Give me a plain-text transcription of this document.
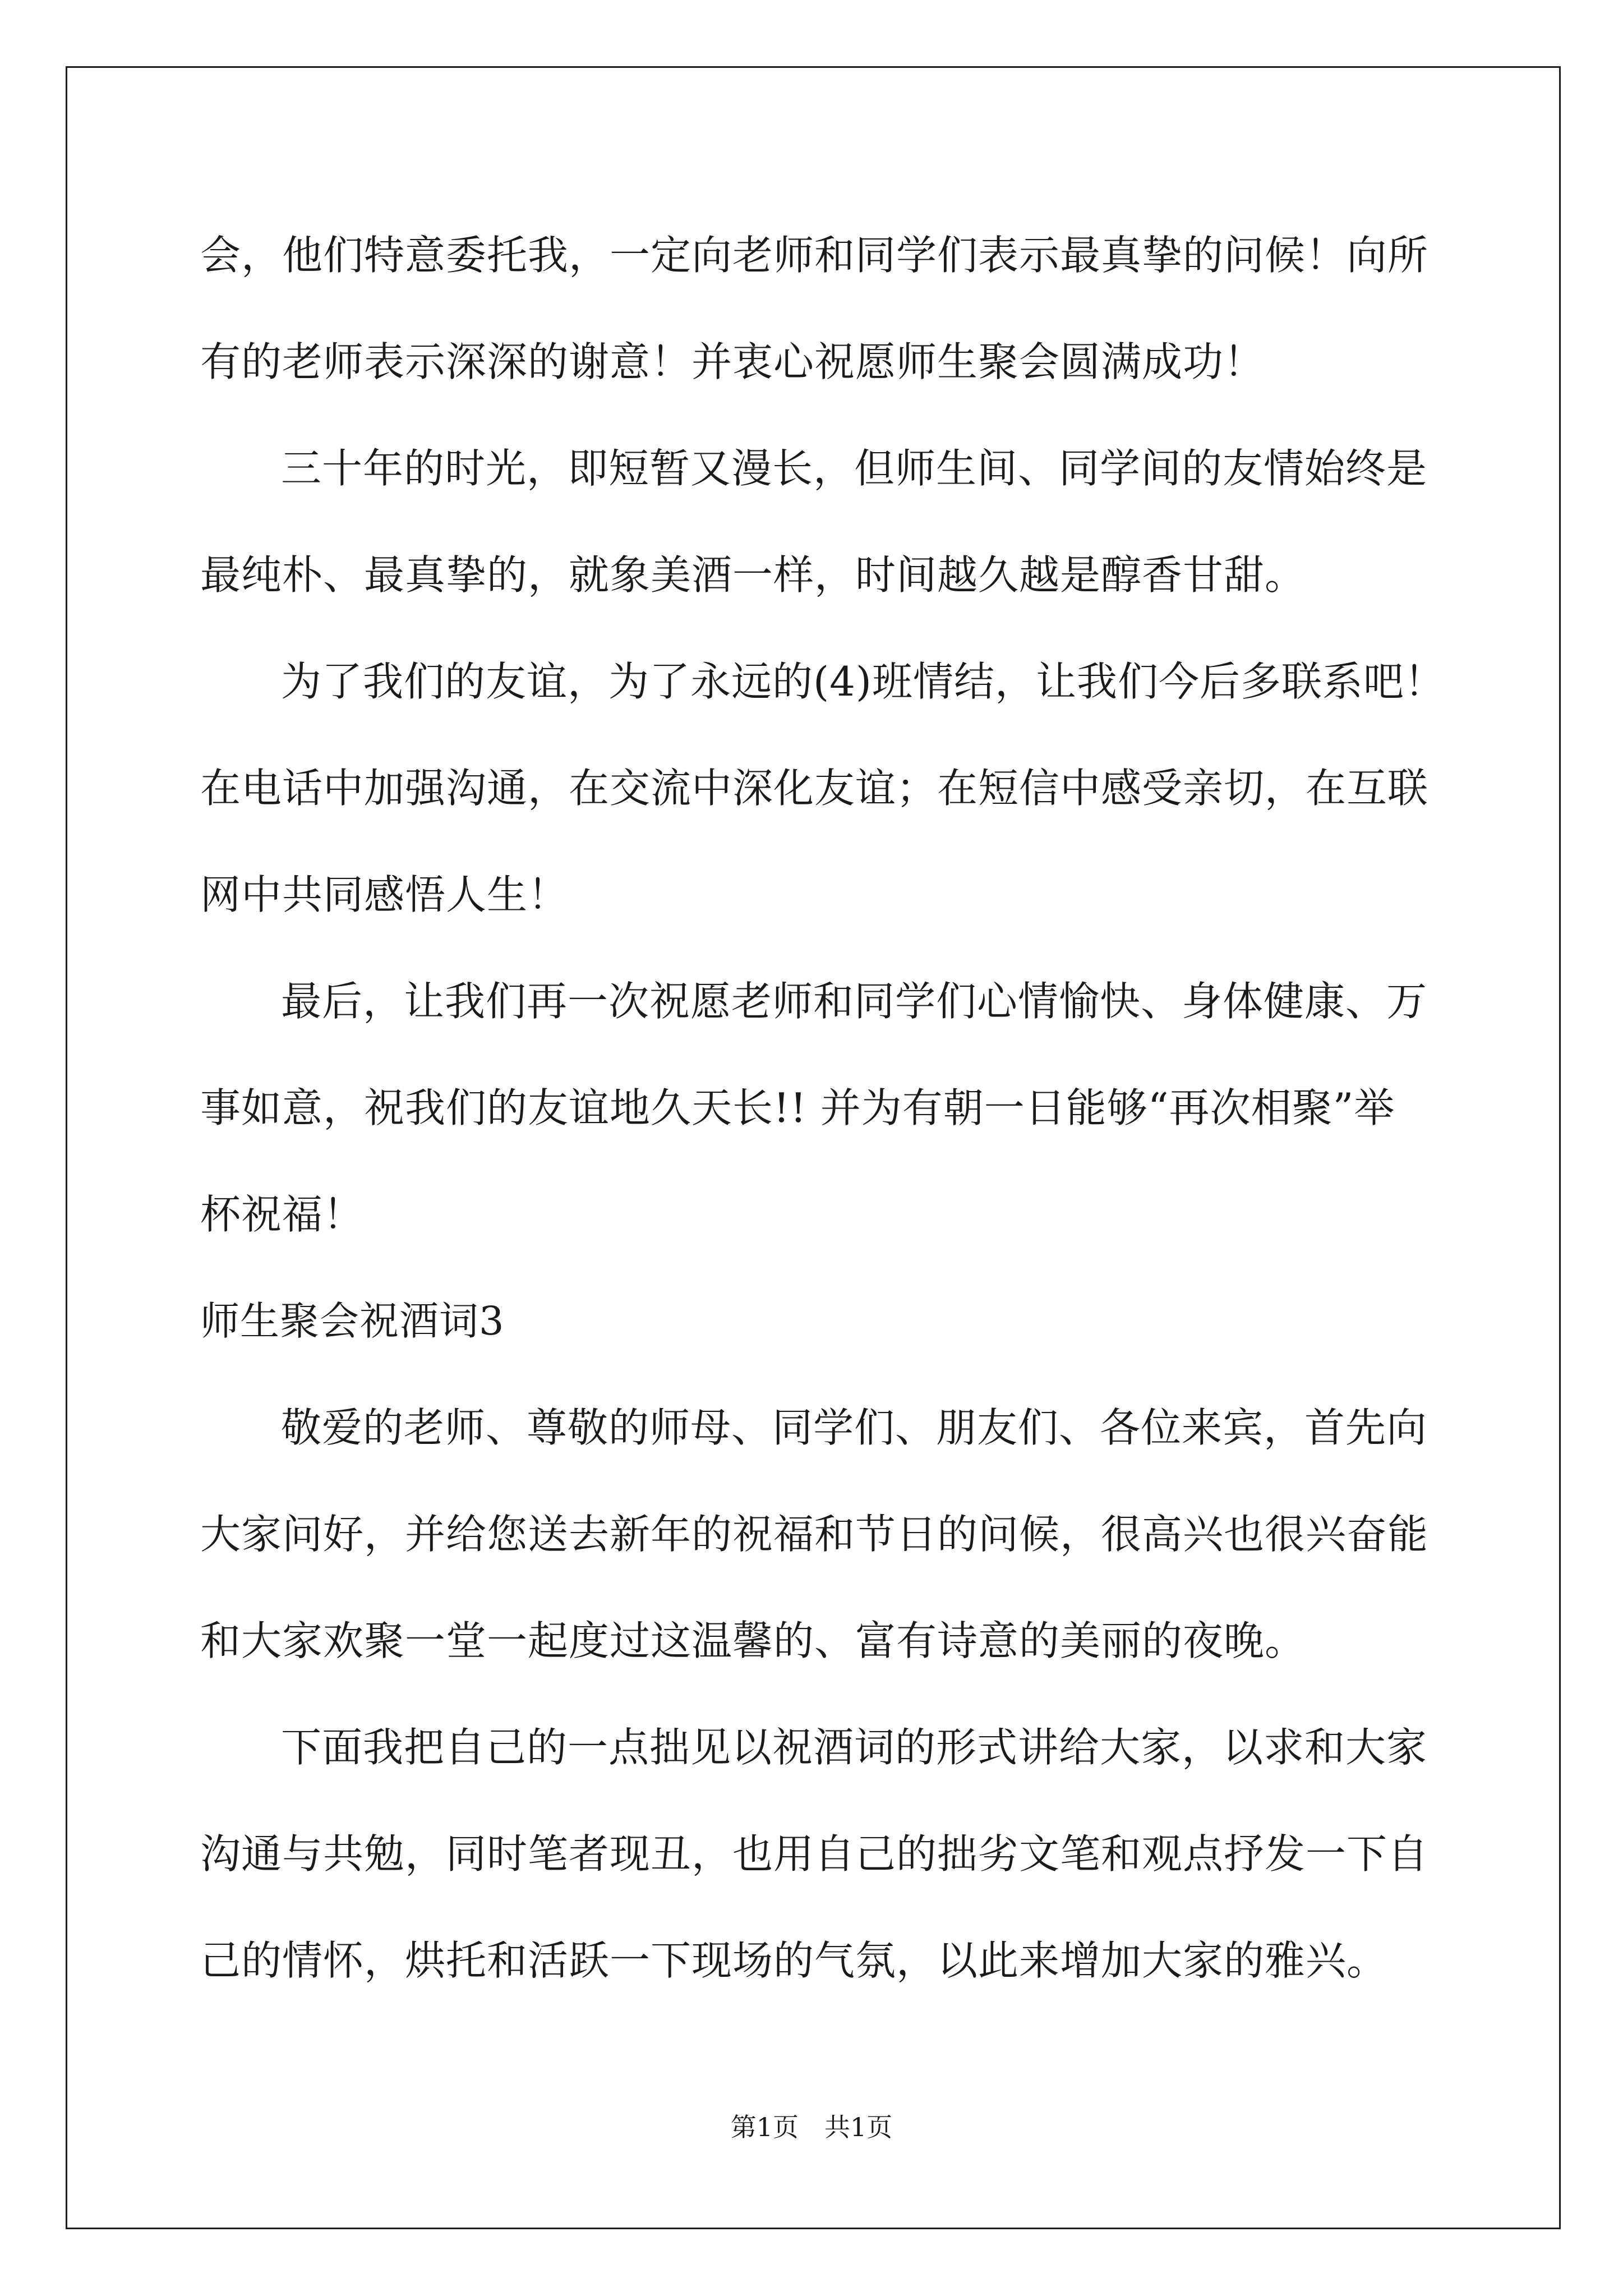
会，他们特意委托我，一定向老师和同学们表示最真挚的问候！向所
有的老师表示深深的谢意！并衷心祝愿师生聚会圆满成功！
三十年的时光，即短暂又漫长，但师生间、同学间的友情始终是
最纯朴、最真挚的，就象美酒一样，时间越久越是醇香甘甜。
为了我们的友谊，为了永远的(4)班情结，让我们今后多联系吧！
在电话中加强沟通，在交流中深化友谊；在短信中感受亲切，在互联
网中共同感悟人生！
最后，让我们再一次祝愿老师和同学们心情愉快、身体健康、万
事如意，祝我们的友谊地久天长!! 并为有朝一日能够“再次相聚”举
杯祝福！
师生聚会祝酒词3
敬爱的老师、尊敬的师母、同学们、朋友们、各位来宾，首先向
大家问好，并给您送去新年的祝福和节日的问候，很高兴也很兴奋能
和大家欢聚一堂一起度过这温馨的、富有诗意的美丽的夜晚。
下面我把自己的一点拙见以祝酒词的形式讲给大家，以求和大家
沟通与共勉，同时笔者现丑，也用自己的拙劣文笔和观点抒发一下自
己的情怀，烘托和活跃一下现场的气氛，以此来增加大家的雅兴。
第1页　共1页
